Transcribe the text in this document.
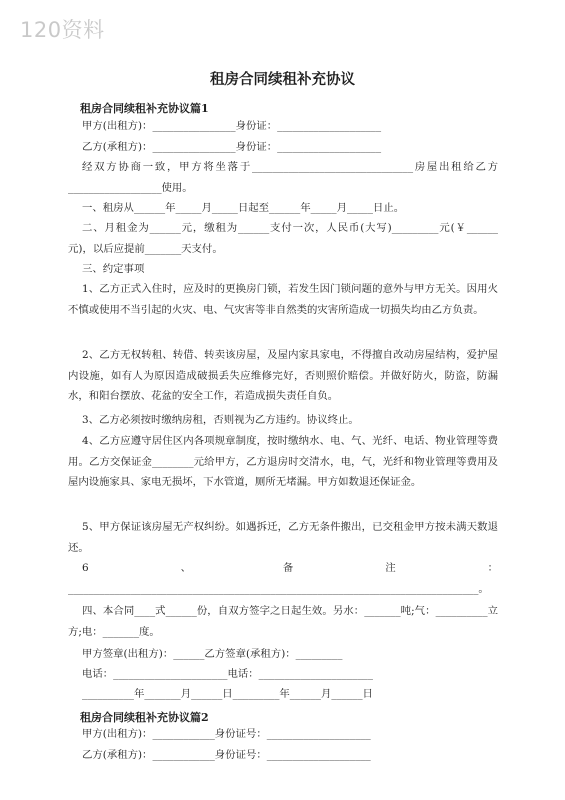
120资料
租房合同续租补充协议
租房合同续租补充协议篇1
甲方(出租方)：________________身份证：____________________
乙方(承租方)：________________身份证：____________________
经双方协商一致，甲方将坐落于_______________________________房屋出租给乙方__________________使用。
一、租房从______年_____月_____日起至______年_____月_____日止。
二、月租金为______元，缴租为______支付一次，人民币(大写)_________元(￥______元)，以后应提前_______天支付。
三、约定事项
1、乙方正式入住时，应及时的更换房门锁，若发生因门锁问题的意外与甲方无关。因用火不慎或使用不当引起的火灾、电、气灾害等非自然类的灾害所造成一切损失均由乙方负责。
2、乙方无权转租、转借、转卖该房屋，及屋内家具家电，不得擅自改动房屋结构，爱护屋内设施，如有人为原因造成破损丢失应维修完好，否则照价赔偿。并做好防火，防盗，防漏水，和阳台摆放、花盆的安全工作，若造成损失责任自负。
3、乙方必须按时缴纳房租，否则视为乙方违约。协议终止。
4、乙方应遵守居住区内各项规章制度，按时缴纳水、电、气、光纤、电话、物业管理等费用。乙方交保证金________元给甲方，乙方退房时交清水，电，气，光纤和物业管理等费用及屋内设施家具、家电无损坏，下水管道，厕所无堵漏。甲方如数退还保证金。
5、甲方保证该房屋无产权纠纷。如遇拆迁，乙方无条件搬出，已交租金甲方按未满天数退还。
6、备注：_______________________________________________________________________________。
四、本合同____式______份，自双方签字之日起生效。另水：_______吨;气：__________立方;电：_______度。
甲方签章(出租方)：______乙方签章(承租方)：_________
电话：______________________电话：______________________
__________年_______月______日_________年______月______日
租房合同续租补充协议篇2
甲方(出租方)：____________身份证号：____________________
乙方(承租方)：____________身份证号：____________________
